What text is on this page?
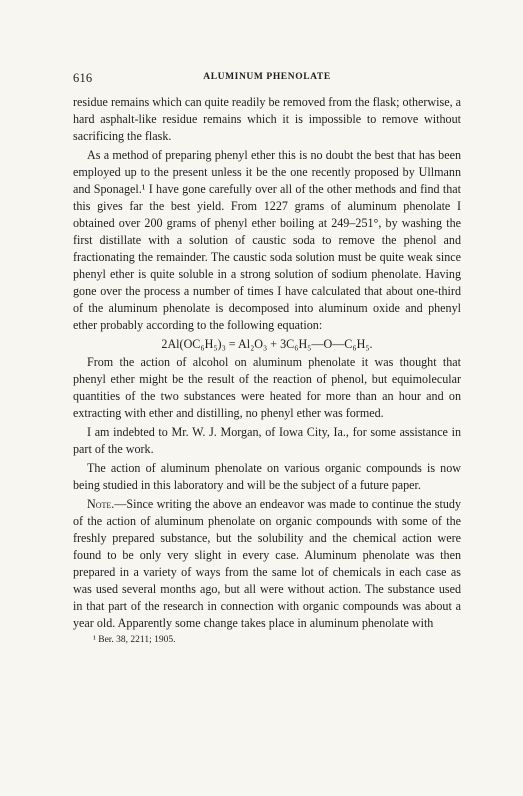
616	ALUMINUM PHENOLATE

residue remains which can quite readily be removed from the flask; otherwise, a hard asphalt-like residue remains which it is impossible to remove without sacrificing the flask.

As a method of preparing phenyl ether this is no doubt the best that has been employed up to the present unless it be the one recently proposed by Ullmann and Sponagel.¹ I have gone carefully over all of the other methods and find that this gives far the best yield. From 1227 grams of aluminum phenolate I obtained over 200 grams of phenyl ether boiling at 249–251°, by washing the first distillate with a solution of caustic soda to remove the phenol and fractionating the remainder. The caustic soda solution must be quite weak since phenyl ether is quite soluble in a strong solution of sodium phenolate. Having gone over the process a number of times I have calculated that about one-third of the aluminum phenolate is decomposed into aluminum oxide and phenyl ether probably according to the following equation:

2Al(OC₆H₅)₃ = Al₂O₃ + 3C₆H₅—O—C₆H₅.

From the action of alcohol on aluminum phenolate it was thought that phenyl ether might be the result of the reaction of phenol, but equimolecular quantities of the two substances were heated for more than an hour and on extracting with ether and distilling, no phenyl ether was formed.

I am indebted to Mr. W. J. Morgan, of Iowa City, Ia., for some assistance in part of the work.

The action of aluminum phenolate on various organic compounds is now being studied in this laboratory and will be the subject of a future paper.

Note.—Since writing the above an endeavor was made to continue the study of the action of aluminum phenolate on organic compounds with some of the freshly prepared substance, but the solubility and the chemical action were found to be only very slight in every case. Aluminum phenolate was then prepared in a variety of ways from the same lot of chemicals in each case as was used several months ago, but all were without action. The substance used in that part of the research in connection with organic compounds was about a year old. Apparently some change takes place in aluminum phenolate with

¹ Ber. 38, 2211; 1905.
